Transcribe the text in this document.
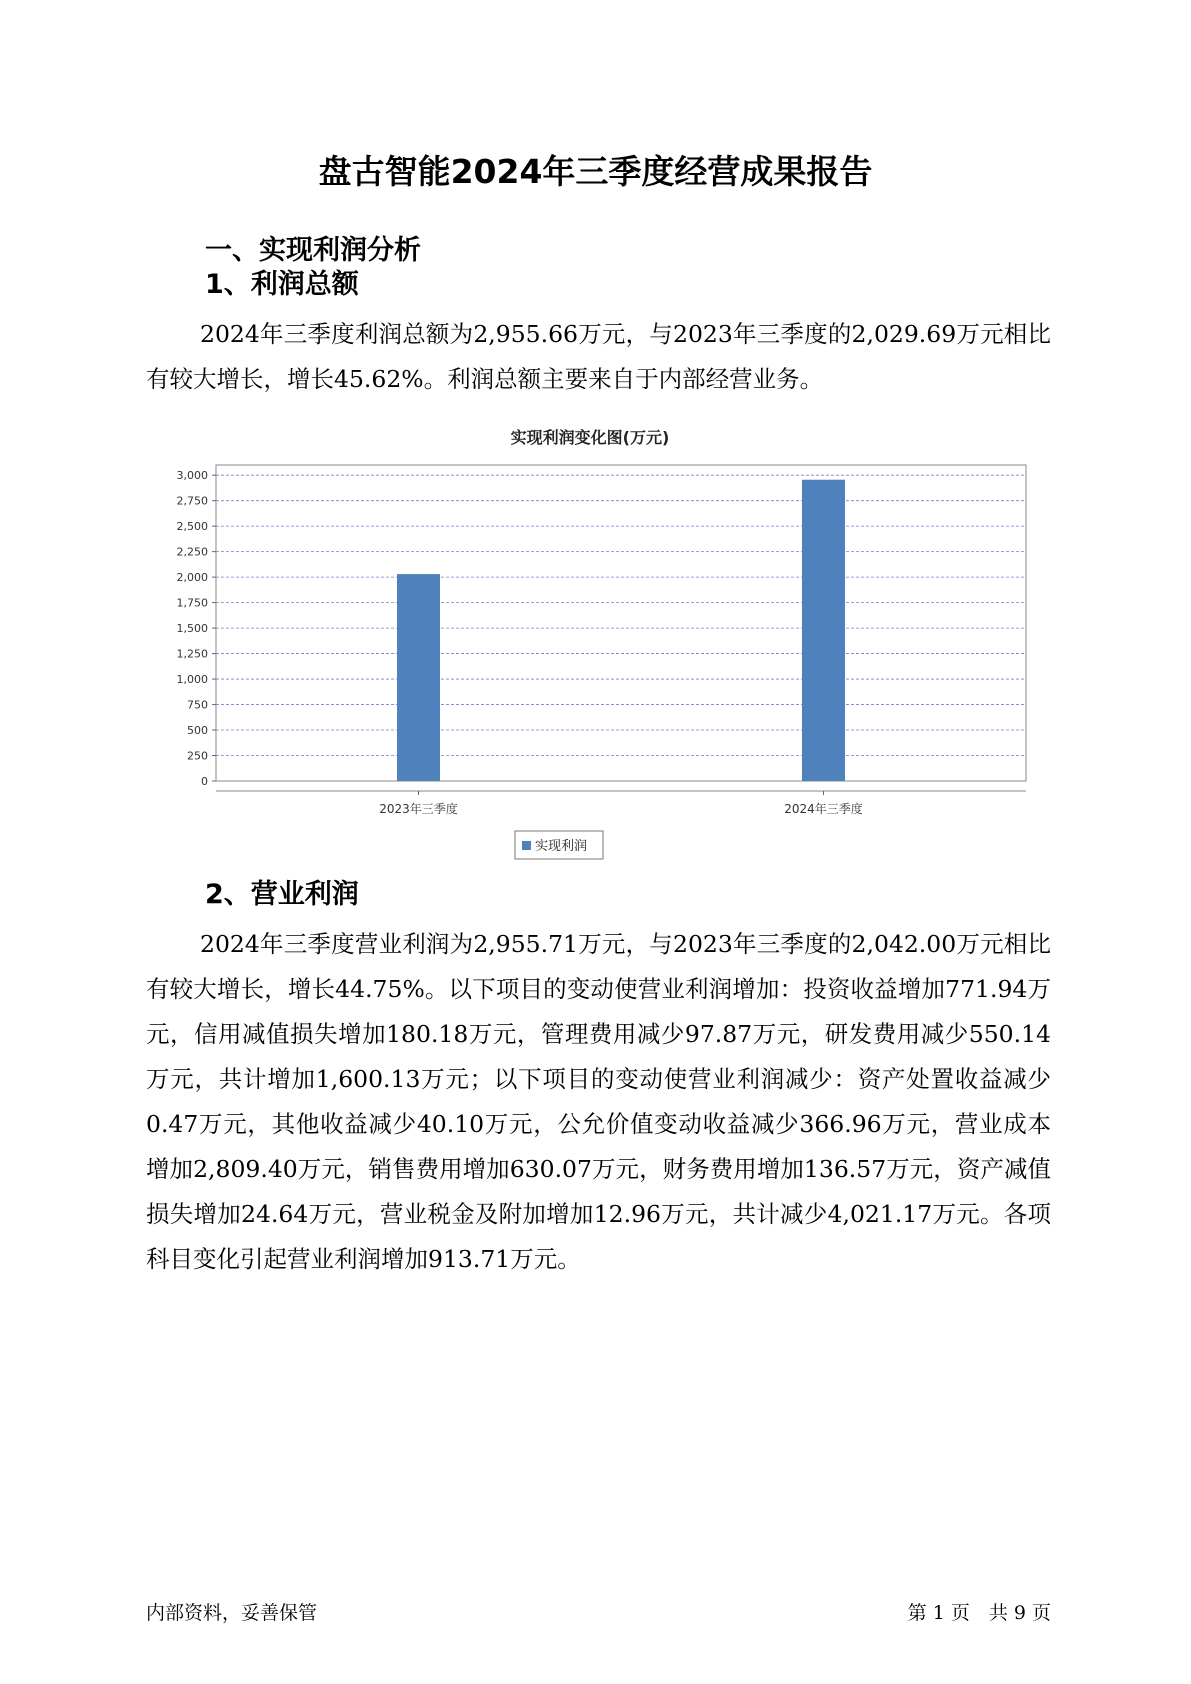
盘古智能2024年三季度经营成果报告
一、实现利润分析
1、利润总额

2024年三季度利润总额为2,955.66万元，与2023年三季度的2,029.69万元相比有较大增长，增长45.62%。利润总额主要来自于内部经营业务。

实现利润变化图(万元)
0
250
500
750
1,000
1,250
1,500
1,750
2,000
2,250
2,500
2,750
3,000
2023年三季度	2024年三季度
实现利润
2、营业利润

2024年三季度营业利润为2,955.71万元，与2023年三季度的2,042.00万元相比有较大增长，增长44.75%。以下项目的变动使营业利润增加：投资收益增加771.94万元，信用减值损失增加180.18万元，管理费用减少97.87万元，研发费用减少550.14万元，共计增加1,600.13万元；以下项目的变动使营业利润减少：资产处置收益减少0.47万元，其他收益减少40.10万元，公允价值变动收益减少366.96万元，营业成本增加2,809.40万元，销售费用增加630.07万元，财务费用增加136.57万元，资产减值损失增加24.64万元，营业税金及附加增加12.96万元，共计减少4,021.17万元。各项科目变化引起营业利润增加913.71万元。

内部资料，妥善保管	第 1 页　共 9 页
